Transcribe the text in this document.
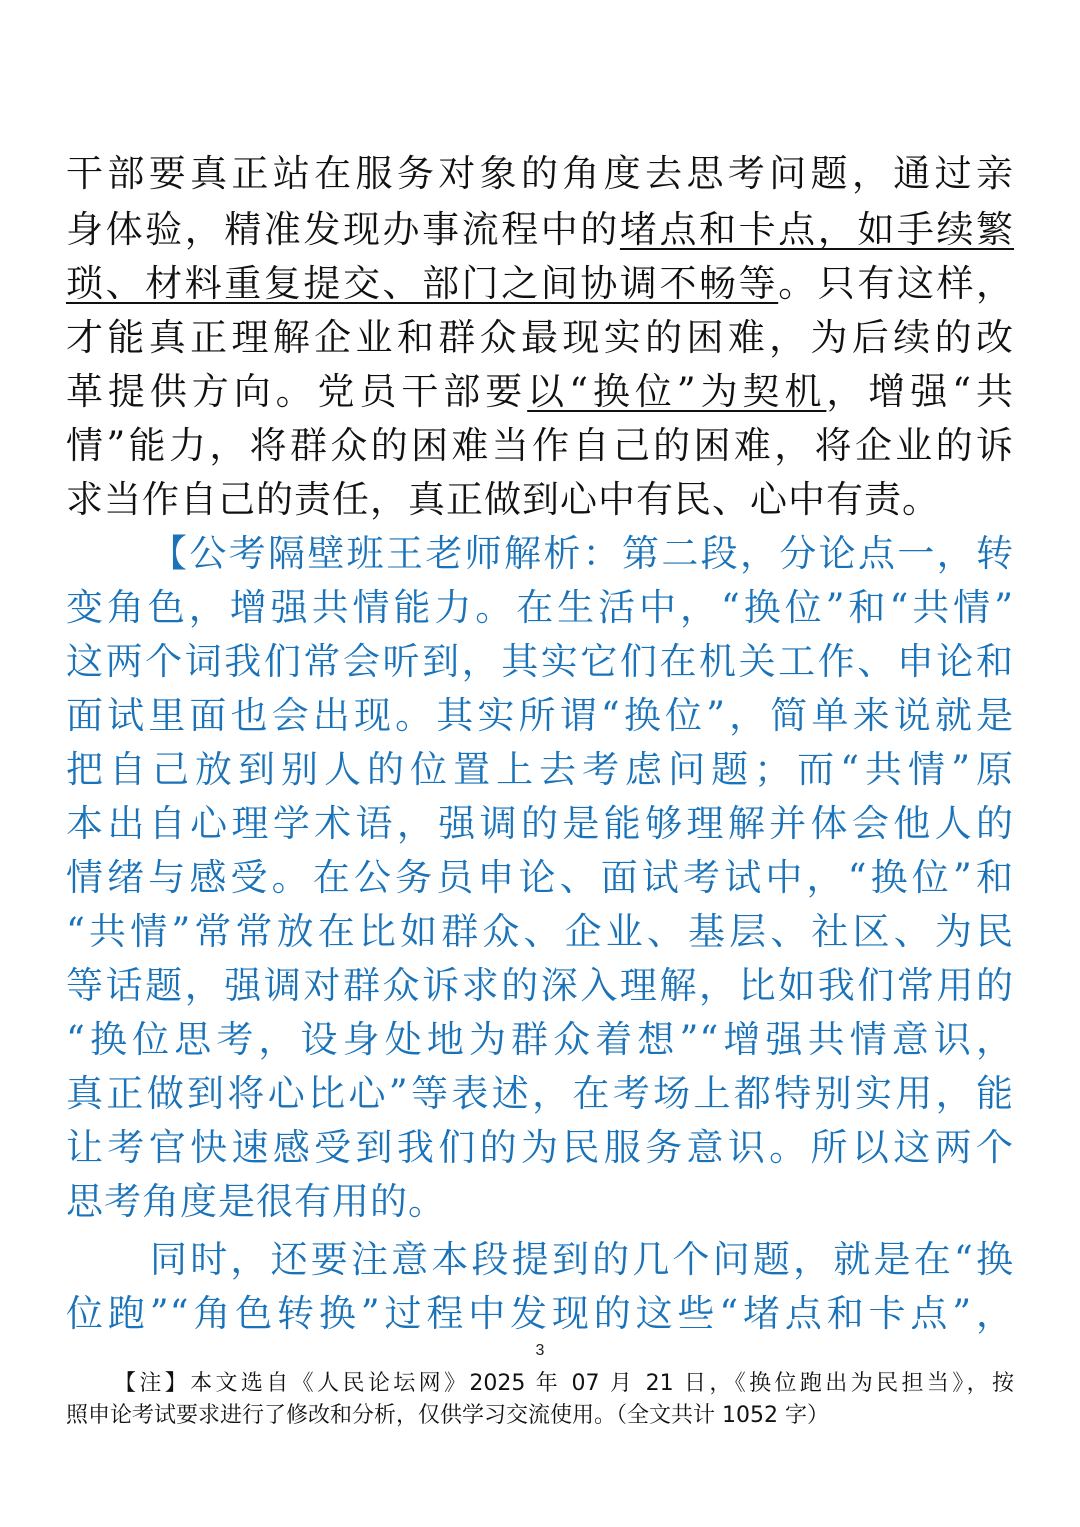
干部要真正站在服务对象的角度去思考问题，通过亲
身体验，精准发现办事流程中的堵点和卡点，如手续繁
琐、材料重复提交、部门之间协调不畅等。只有这样，
才能真正理解企业和群众最现实的困难，为后续的改
革提供方向。党员干部要以“换位”为契机，增强“共
情”能力，将群众的困难当作自己的困难，将企业的诉
求当作自己的责任，真正做到心中有民、心中有责。
【公考隔壁班王老师解析：第二段，分论点一，转
变角色，增强共情能力。在生活中，“换位”和“共情”
这两个词我们常会听到，其实它们在机关工作、申论和
面试里面也会出现。其实所谓“换位”，简单来说就是
把自己放到别人的位置上去考虑问题；而“共情”原
本出自心理学术语，强调的是能够理解并体会他人的
情绪与感受。在公务员申论、面试考试中，“换位”和
“共情”常常放在比如群众、企业、基层、社区、为民
等话题，强调对群众诉求的深入理解，比如我们常用的
“换位思考，设身处地为群众着想”“增强共情意识，
真正做到将心比心”等表述，在考场上都特别实用，能
让考官快速感受到我们的为民服务意识。所以这两个
思考角度是很有用的。
同时，还要注意本段提到的几个问题，就是在“换
位跑”“角色转换”过程中发现的这些“堵点和卡点”，
3
【注】本文选自《人民论坛网》2025 年 07 月 21 日，《换位跑出为民担当》，按
照申论考试要求进行了修改和分析，仅供学习交流使用。（全文共计 1052 字）
